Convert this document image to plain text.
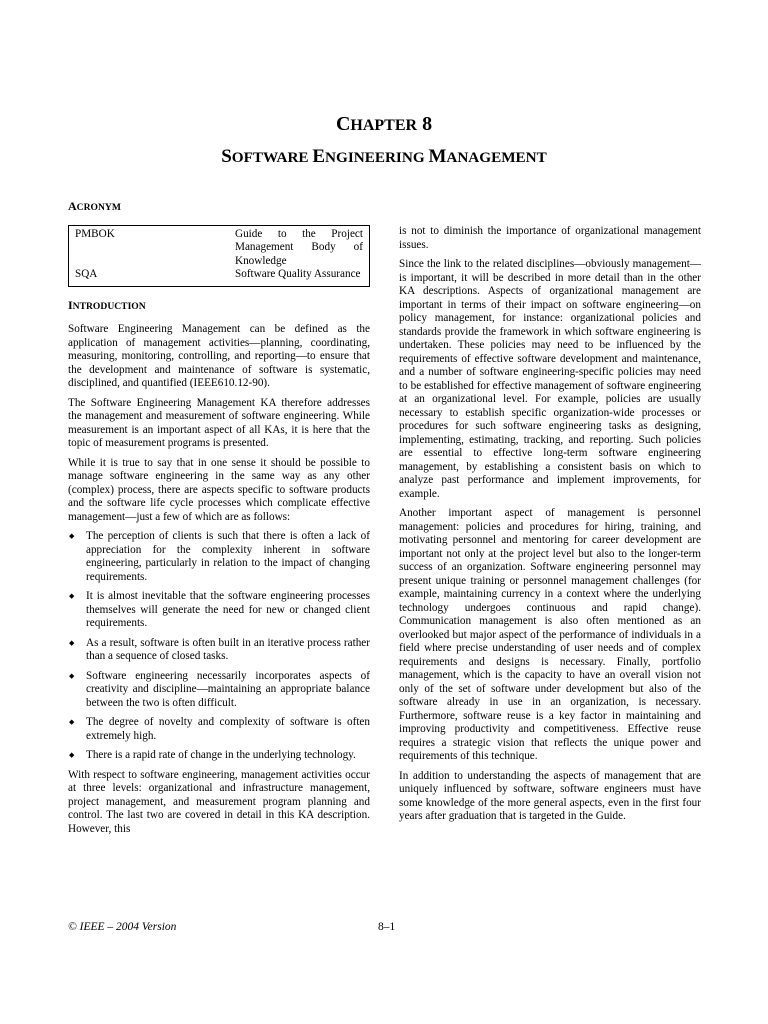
CHAPTER 8
SOFTWARE ENGINEERING MANAGEMENT
ACRONYM
PMBOK	Guide to the Project Management Body of Knowledge
SQA	Software Quality Assurance
INTRODUCTION

Software Engineering Management can be defined as the application of management activities—planning, coordinating, measuring, monitoring, controlling, and reporting—to ensure that the development and maintenance of software is systematic, disciplined, and quantified (IEEE610.12-90).

The Software Engineering Management KA therefore addresses the management and measurement of software engineering. While measurement is an important aspect of all KAs, it is here that the topic of measurement programs is presented.

While it is true to say that in one sense it should be possible to manage software engineering in the same way as any other (complex) process, there are aspects specific to software products and the software life cycle processes which complicate effective management—just a few of which are as follows:

◆ The perception of clients is such that there is often a lack of appreciation for the complexity inherent in software engineering, particularly in relation to the impact of changing requirements.
◆ It is almost inevitable that the software engineering processes themselves will generate the need for new or changed client requirements.
◆ As a result, software is often built in an iterative process rather than a sequence of closed tasks.
◆ Software engineering necessarily incorporates aspects of creativity and discipline—maintaining an appropriate balance between the two is often difficult.
◆ The degree of novelty and complexity of software is often extremely high.
◆ There is a rapid rate of change in the underlying technology.

With respect to software engineering, management activities occur at three levels: organizational and infrastructure management, project management, and measurement program planning and control. The last two are covered in detail in this KA description. However, this

is not to diminish the importance of organizational management issues.

Since the link to the related disciplines—obviously management—is important, it will be described in more detail than in the other KA descriptions. Aspects of organizational management are important in terms of their impact on software engineering—on policy management, for instance: organizational policies and standards provide the framework in which software engineering is undertaken. These policies may need to be influenced by the requirements of effective software development and maintenance, and a number of software engineering-specific policies may need to be established for effective management of software engineering at an organizational level. For example, policies are usually necessary to establish specific organization-wide processes or procedures for such software engineering tasks as designing, implementing, estimating, tracking, and reporting. Such policies are essential to effective long-term software engineering management, by establishing a consistent basis on which to analyze past performance and implement improvements, for example.

Another important aspect of management is personnel management: policies and procedures for hiring, training, and motivating personnel and mentoring for career development are important not only at the project level but also to the longer-term success of an organization. Software engineering personnel may present unique training or personnel management challenges (for example, maintaining currency in a context where the underlying technology undergoes continuous and rapid change). Communication management is also often mentioned as an overlooked but major aspect of the performance of individuals in a field where precise understanding of user needs and of complex requirements and designs is necessary. Finally, portfolio management, which is the capacity to have an overall vision not only of the set of software under development but also of the software already in use in an organization, is necessary. Furthermore, software reuse is a key factor in maintaining and improving productivity and competitiveness. Effective reuse requires a strategic vision that reflects the unique power and requirements of this technique.

In addition to understanding the aspects of management that are uniquely influenced by software, software engineers must have some knowledge of the more general aspects, even in the first four years after graduation that is targeted in the Guide.

© IEEE – 2004 Version	8–1
